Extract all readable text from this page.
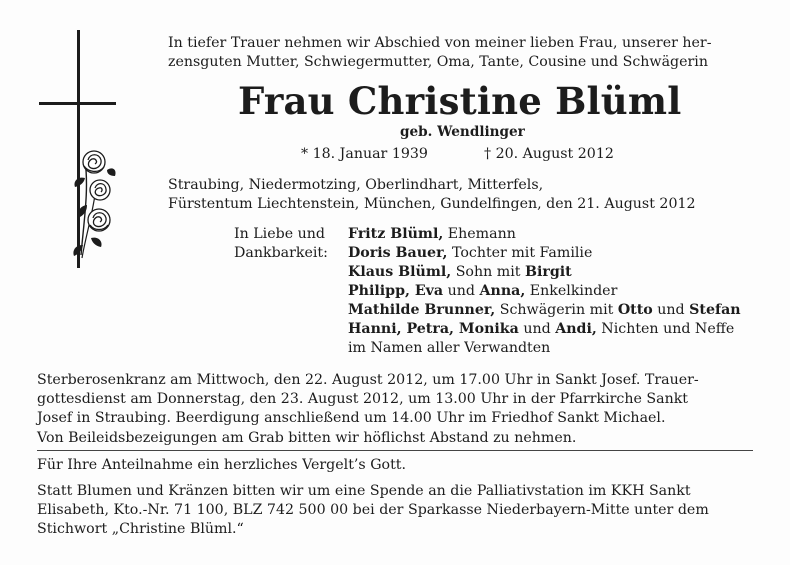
In tiefer Trauer nehmen wir Abschied von meiner lieben Frau, unserer her-
zensguten Mutter, Schwiegermutter, Oma, Tante, Cousine und Schwägerin
Frau Christine Blüml
geb. Wendlinger
* 18. Januar 1939	† 20. August 2012
Straubing, Niedermotzing, Oberlindhart, Mitterfels,
Fürstentum Liechtenstein, München, Gundelfingen, den 21. August 2012
In Liebe und
Dankbarkeit:
Fritz Blüml, Ehemann
Doris Bauer, Tochter mit Familie
Klaus Blüml, Sohn mit Birgit
Philipp, Eva und Anna, Enkelkinder
Mathilde Brunner, Schwägerin mit Otto und Stefan
Hanni, Petra, Monika und Andi, Nichten und Neffe
im Namen aller Verwandten
Sterberosenkranz am Mittwoch, den 22. August 2012, um 17.00 Uhr in Sankt Josef. Trauer-
gottesdienst am Donnerstag, den 23. August 2012, um 13.00 Uhr in der Pfarrkirche Sankt
Josef in Straubing. Beerdigung anschließend um 14.00 Uhr im Friedhof Sankt Michael.
Von Beileidsbezeigungen am Grab bitten wir höflichst Abstand zu nehmen.
Für Ihre Anteilnahme ein herzliches Vergelt’s Gott.
Statt Blumen und Kränzen bitten wir um eine Spende an die Palliativstation im KKH Sankt
Elisabeth, Kto.-Nr. 71 100, BLZ 742 500 00 bei der Sparkasse Niederbayern-Mitte unter dem
Stichwort „Christine Blüml.“
